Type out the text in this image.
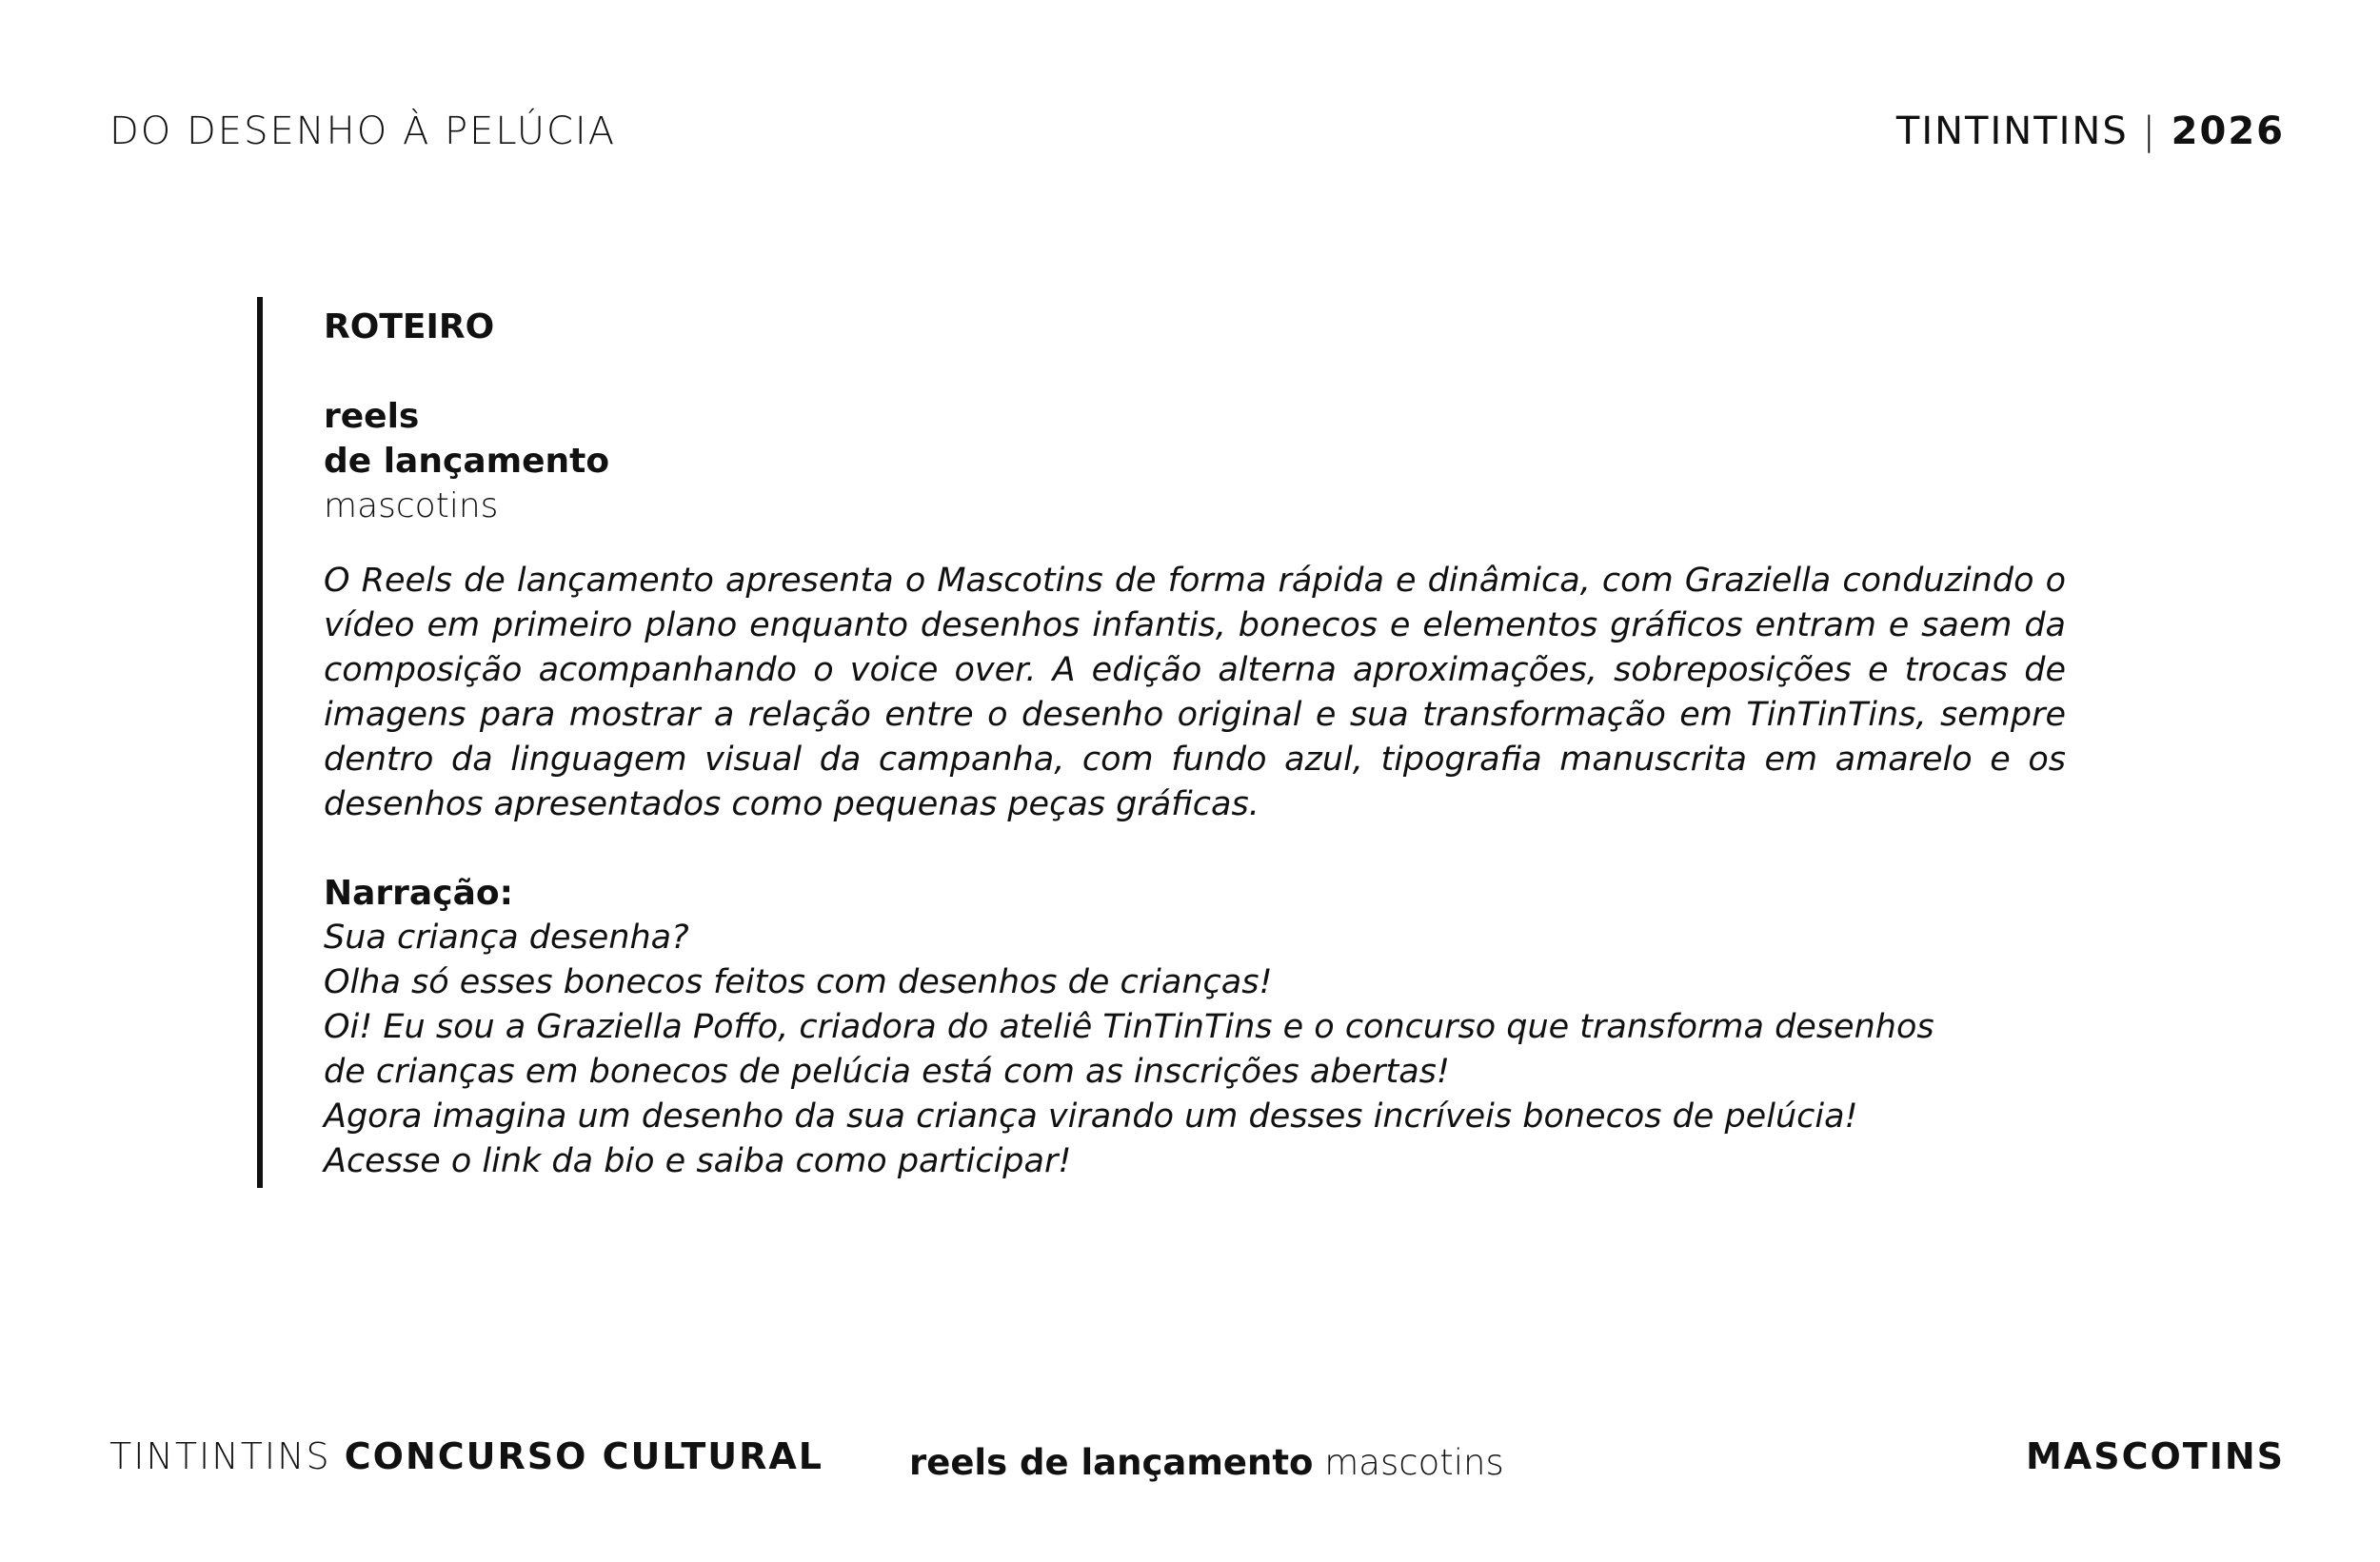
DO DESENHO À PELÚCIA	TINTINTINS | 2026
ROTEIRO
reels
de lançamento
mascotins
O Reels de lançamento apresenta o Mascotins de forma rápida e dinâmica, com Graziella conduzindo o vídeo em primeiro plano enquanto desenhos infantis, bonecos e elementos gráficos entram e saem da composição acompanhando o voice over. A edição alterna aproximações, sobreposições e trocas de imagens para mostrar a relação entre o desenho original e sua transformação em TinTinTins, sempre dentro da linguagem visual da campanha, com fundo azul, tipografia manuscrita em amarelo e os desenhos apresentados como pequenas peças gráficas.
Narração:
Sua criança desenha?
Olha só esses bonecos feitos com desenhos de crianças!
Oi! Eu sou a Graziella Poffo, criadora do ateliê TinTinTins e o concurso que transforma desenhos
de crianças em bonecos de pelúcia está com as inscrições abertas!
Agora imagina um desenho da sua criança virando um desses incríveis bonecos de pelúcia!
Acesse o link da bio e saiba como participar!
TINTINTINS CONCURSO CULTURAL reels de lançamento mascotins	MASCOTINS
